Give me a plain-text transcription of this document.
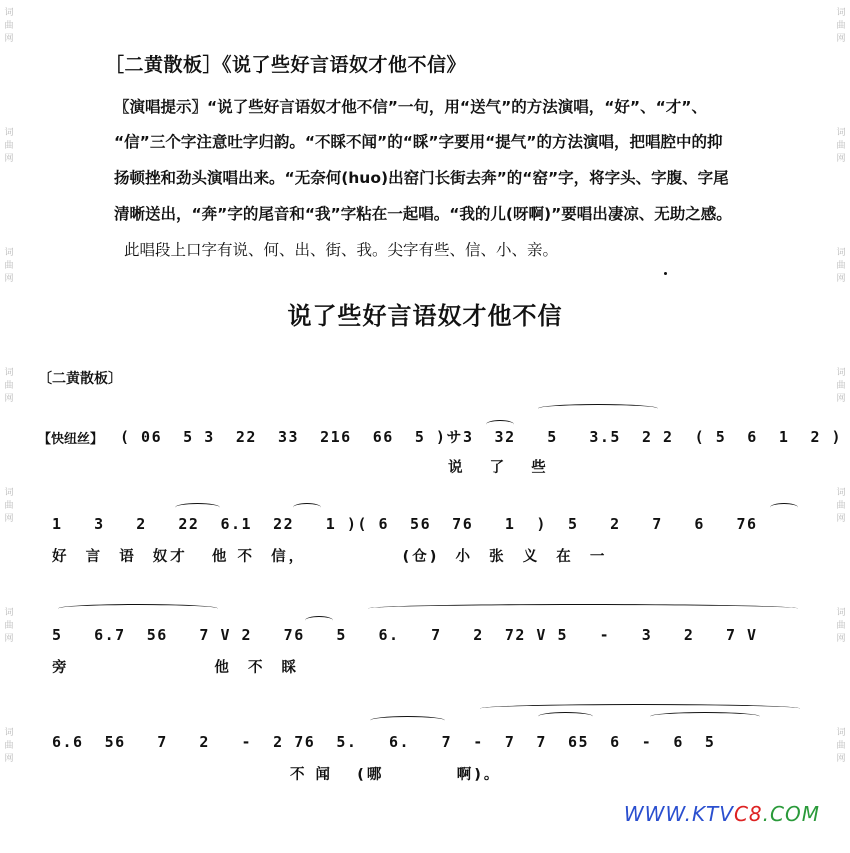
词
曲
网
词
曲
网
词
曲
网
词
曲
网
词
曲
网
词
曲
网
词
曲
网
词
曲
网
词
曲
网
词
曲
网
词
曲
网
词
曲
网
词
曲
网
词
曲
网
［二黄散板］《说了些好言语奴才他不信》
〖演唱提示〗“说了些好言语奴才他不信”一句，用“送气”的方法演唱，“好”、“才”、
“信”三个字注意吐字归韵。“不睬不闻”的“睬”字要用“提气”的方法演唱，把唱腔中的抑
扬顿挫和劲头演唱出来。“无奈何(huo)出窑门长街去奔”的“窑”字，将字头、字腹、字尾
清晰送出，“奔”字的尾音和“我”字粘在一起唱。“我的儿(呀啊)”要唱出凄凉、无助之感。
此唱段上口字有说、何、出、街、我。尖字有些、信、小、亲。
说了些好言语奴才他不信
〔二黄散板〕
【快纽丝】 ( 06  5 3  22  33  216  66  5 )サ3  32   5   3.5  2 2  ( 5  6  1  2 )
说   了   些
1   3   2   22  6.1  22   1 )( 6  56  76   1  )  5   2   7   6   76
好  言  语  奴才   他 不  信，            (仓)  小  张  义  在  一
5   6.7  56   7 V 2   76   5   6.   7   2  72 V 5   -   3   2   7 V
旁                  他  不  睬
6.6  56   7   2   -  2 76  5.   6.   7  -  7  7  65  6  -  6  5
不 闻   (哪         啊)。
WWW.KTVC8.COM
